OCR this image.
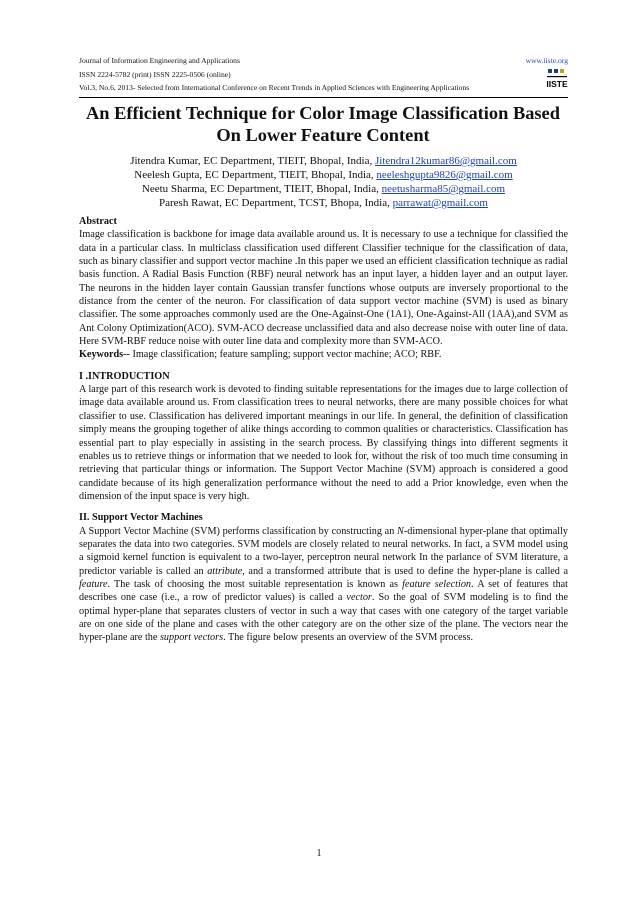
Journal of Information Engineering and Applications
ISSN 2224-5782 (print) ISSN 2225-0506 (online)
Vol.3, No.6, 2013- Selected from International Conference on Recent Trends in Applied Sciences with Engineering Applications
www.iiste.org
IISTE
An Efficient Technique for Color Image Classification Based On Lower Feature Content
Jitendra Kumar, EC Department, TIEIT, Bhopal, India, Jitendra12kumar86@gmail.com
Neelesh Gupta, EC Department, TIEIT, Bhopal, India, neeleshgupta9826@gmail.com
Neetu Sharma, EC Department, TIEIT, Bhopal, India, neetusharma85@gmail.com
Paresh Rawat, EC Department, TCST, Bhopa, India, parrawat@gmail.com
Abstract

Image classification is backbone for image data available around us. It is necessary to use a technique for classified the data in a particular class. In multiclass classification used different Classifier technique for the classification of data, such as binary classifier and support vector machine .In this paper we used an efficient classification technique as radial basis function. A Radial Basis Function (RBF) neural network has an input layer, a hidden layer and an output layer. The neurons in the hidden layer contain Gaussian transfer functions whose outputs are inversely proportional to the distance from the center of the neuron. For classification of data support vector machine (SVM) is used as binary classifier. The some approaches commonly used are the One-Against-One (1A1), One-Against-All (1AA),and SVM as Ant Colony Optimization(ACO). SVM-ACO decrease unclassified data and also decrease noise with outer line of data. Here SVM-RBF reduce noise with outer line data and complexity more than SVM-ACO.

Keywords-- Image classification; feature sampling; support vector machine; ACO; RBF.

I .INTRODUCTION

A large part of this research work is devoted to finding suitable representations for the images due to large collection of image data available around us. From classification trees to neural networks, there are many possible choices for what classifier to use. Classification has delivered important meanings in our life. In general, the definition of classification simply means the grouping together of alike things according to common qualities or characteristics. Classification has essential part to play especially in assisting in the search process. By classifying things into different segments it enables us to retrieve things or information that we needed to look for, without the risk of too much time consuming in retrieving that particular things or information. The Support Vector Machine (SVM) approach is considered a good candidate because of its high generalization performance without the need to add a Prior knowledge, even when the dimension of the input space is very high.

II. Support Vector Machines

A Support Vector Machine (SVM) performs classification by constructing an N-dimensional hyper-plane that optimally separates the data into two categories. SVM models are closely related to neural networks. In fact, a SVM model using a sigmoid kernel function is equivalent to a two-layer, perceptron neural network In the parlance of SVM literature, a predictor variable is called an attribute, and a transformed attribute that is used to define the hyper-plane is called a feature. The task of choosing the most suitable representation is known as feature selection. A set of features that describes one case (i.e., a row of predictor values) is called a vector. So the goal of SVM modeling is to find the optimal hyper-plane that separates clusters of vector in such a way that cases with one category of the target variable are on one side of the plane and cases with the other category are on the other size of the plane. The vectors near the hyper-plane are the support vectors. The figure below presents an overview of the SVM process.

1
